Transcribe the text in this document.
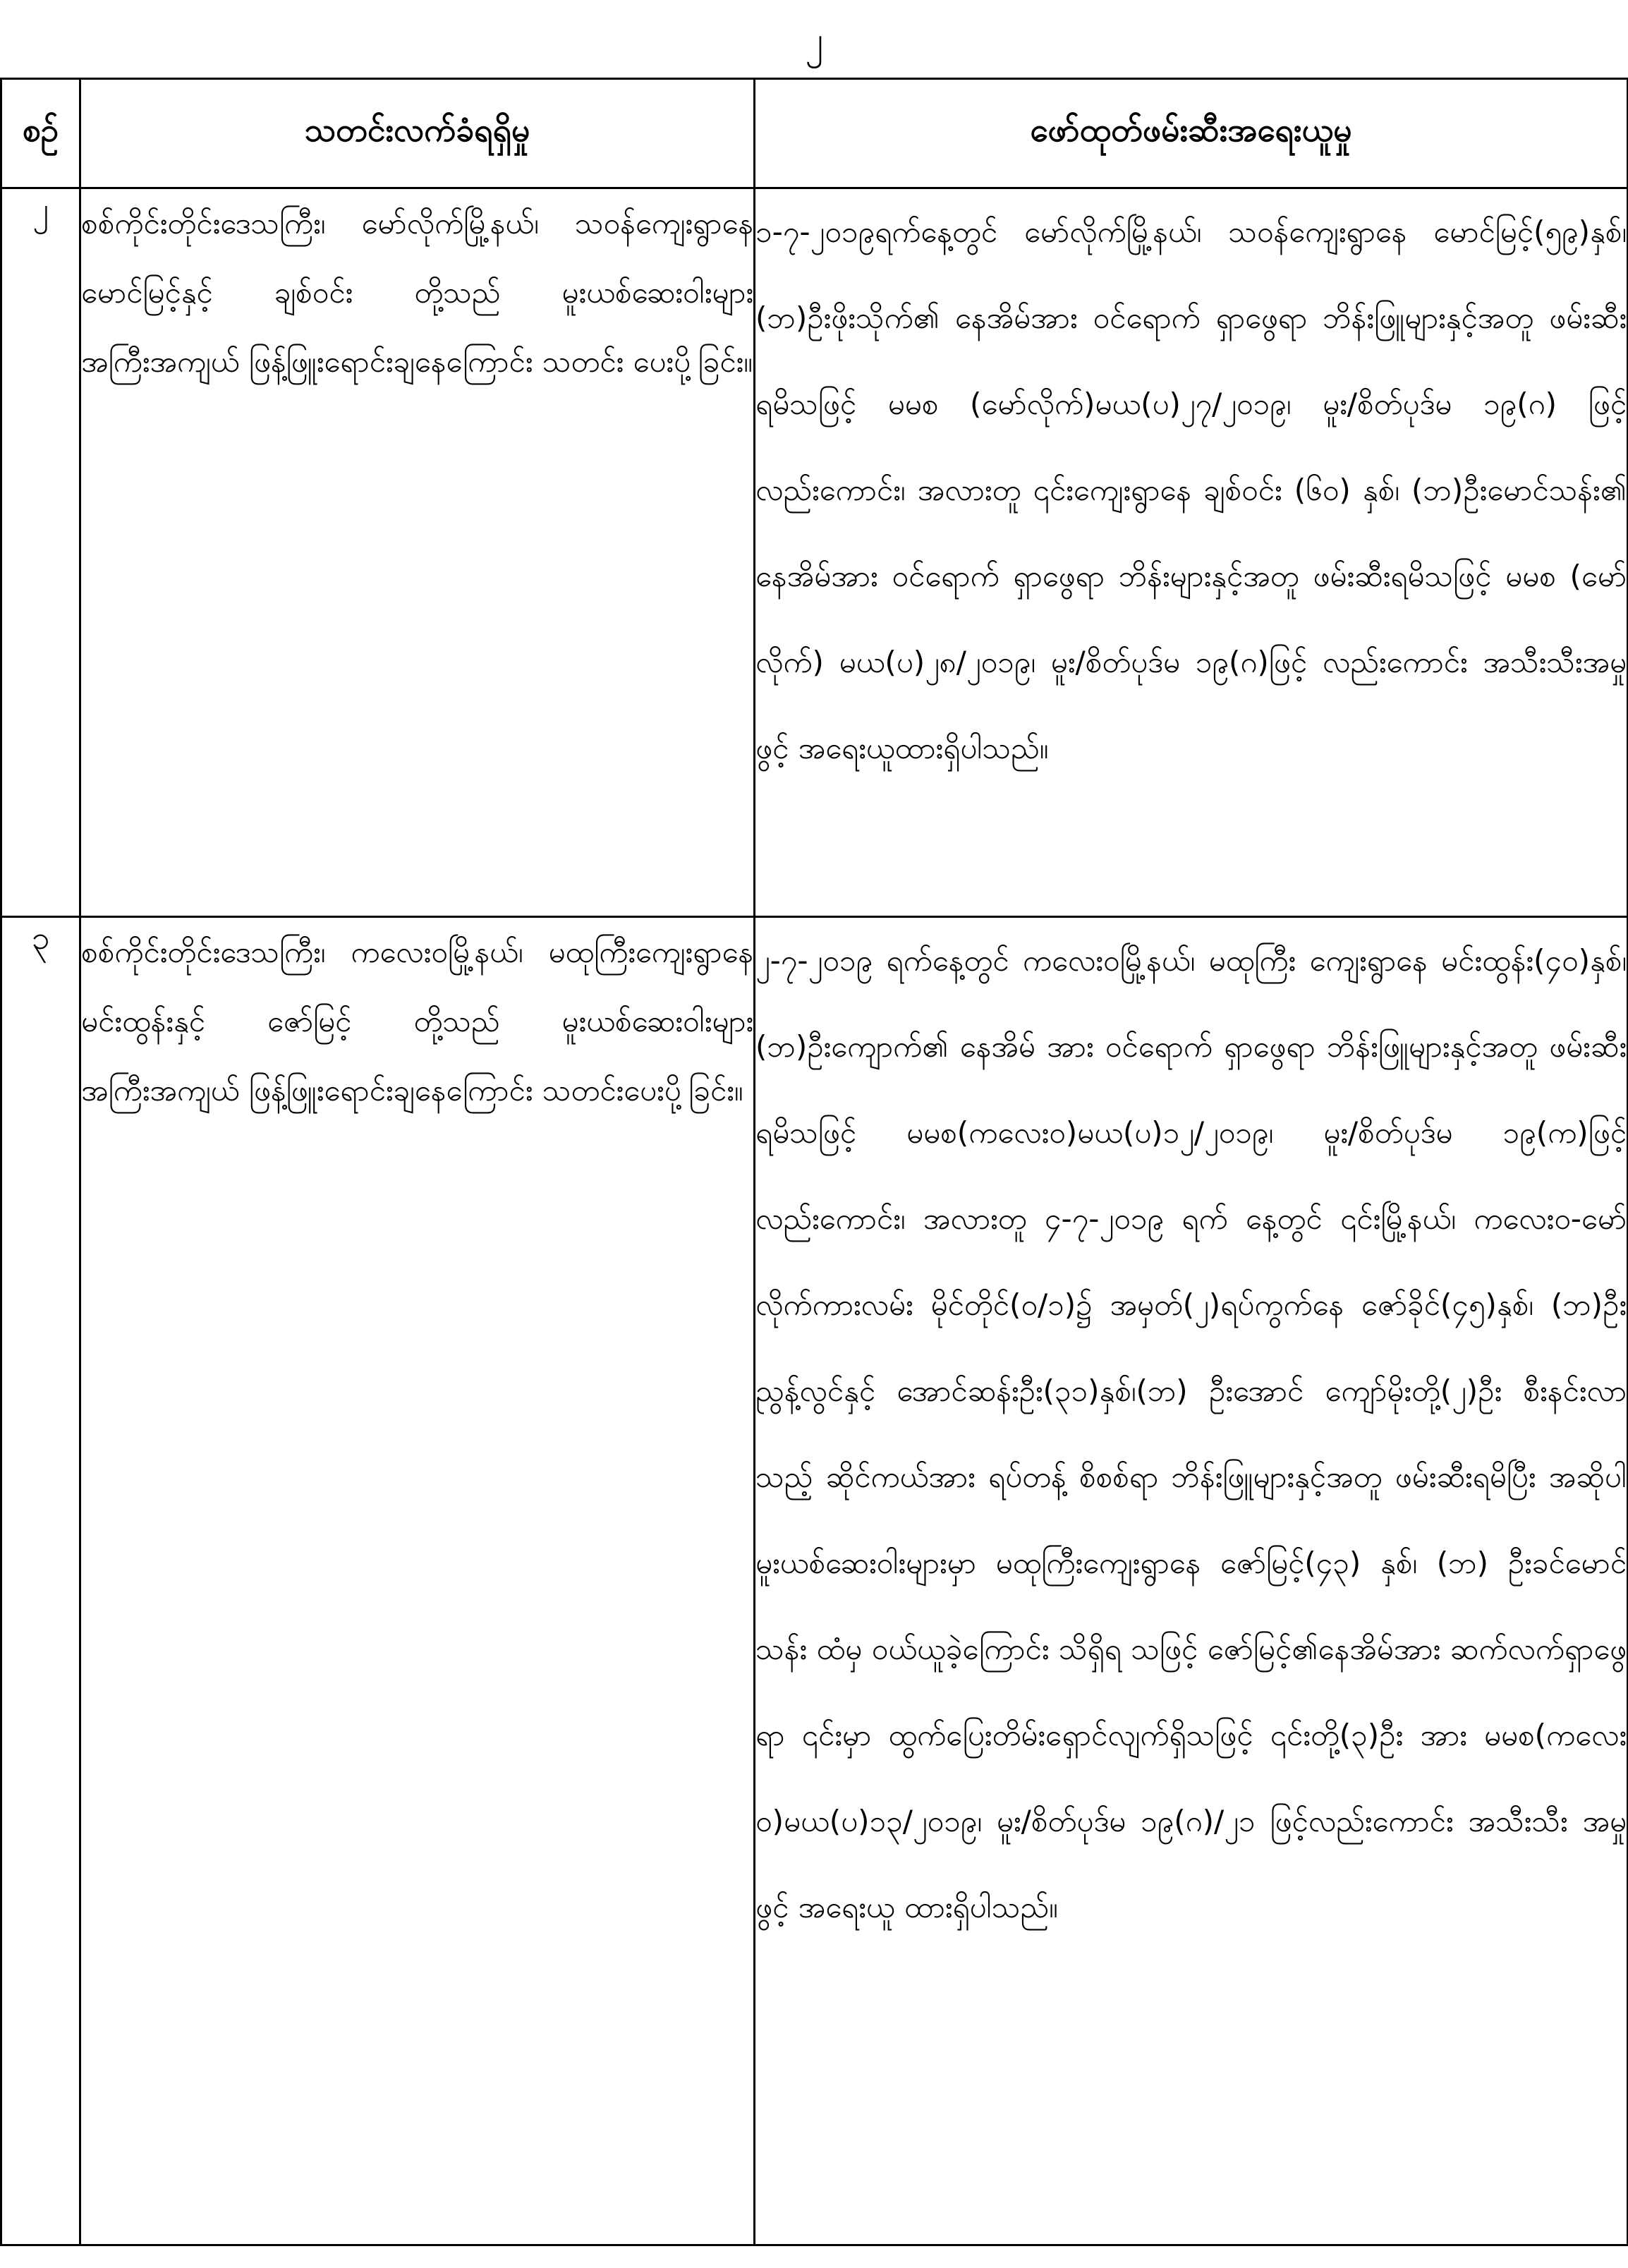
၂
စဉ်	သတင်းလက်ခံရရှိမှု	ဖော်ထုတ်ဖမ်းဆီးအရေးယူမှု
၂	စစ်ကိုင်းတိုင်းဒေသကြီး၊ မော်လိုက်မြို့နယ်၊ သဝန်ကျေးရွာနေ မောင်မြင့်နှင့် ချစ်ဝင်း တို့သည် မူးယစ်ဆေးဝါးများ အကြီးအကျယ် ဖြန့်ဖြူးရောင်းချနေကြောင်း သတင်း ပေးပို့ခြင်း။	၁-၇-၂၀၁၉ရက်နေ့တွင် မော်လိုက်မြို့နယ်၊ သဝန်ကျေးရွာနေ မောင်မြင့်(၅၉)နှစ်၊(ဘ)ဦးဖိုးသိုက်၏ နေအိမ်အား ဝင်ရောက် ရှာဖွေရာ ဘိန်းဖြူများနှင့်အတူ ဖမ်းဆီးရမိသဖြင့် မမစ (မော်လိုက်)မယ(ပ)၂၇/၂၀၁၉၊ မူး/စိတ်ပုဒ်မ ၁၉(ဂ) ဖြင့် လည်းကောင်း၊ အလားတူ ၎င်းကျေးရွာနေ ချစ်ဝင်း (၆၀) နှစ်၊ (ဘ)ဦးမောင်သန်း၏ နေအိမ်အား ဝင်ရောက် ရှာဖွေရာ ဘိန်းများနှင့်အတူ ဖမ်းဆီးရမိသဖြင့် မမစ (မော်လိုက်) မယ(ပ)၂၈/၂၀၁၉၊ မူး/စိတ်ပုဒ်မ ၁၉(ဂ)ဖြင့် လည်းကောင်း အသီးသီးအမှုဖွင့် အရေးယူထားရှိပါသည်။
၃	စစ်ကိုင်းတိုင်းဒေသကြီး၊ ကလေးဝမြို့နယ်၊ မထုကြီးကျေးရွာနေ မင်းထွန်းနှင့် ဇော်မြင့် တို့သည် မူးယစ်ဆေးဝါးများအကြီးအကျယ် ဖြန့်ဖြူးရောင်းချနေကြောင်း သတင်းပေးပို့ခြင်း။	၂-၇-၂၀၁၉ ရက်နေ့တွင် ကလေးဝမြို့နယ်၊ မထုကြီး ကျေးရွာနေ မင်းထွန်း(၄၀)နှစ်၊ (ဘ)ဦးကျောက်၏ နေအိမ် အား ဝင်ရောက် ရှာဖွေရာ ဘိန်းဖြူများနှင့်အတူ ဖမ်းဆီး ရမိသဖြင့် မမစ(ကလေးဝ)မယ(ပ)၁၂/၂၀၁၉၊ မူး/စိတ်ပုဒ်မ ၁၉(က)ဖြင့်လည်းကောင်း၊ အလားတူ ၄-၇-၂၀၁၉ ရက် နေ့တွင် ၎င်းမြို့နယ်၊ ကလေးဝ-မော်လိုက်ကားလမ်း မိုင်တိုင်(၀/၁)၌ အမှတ်(၂)ရပ်ကွက်နေ ဇော်ခိုင်(၄၅)နှစ်၊ (ဘ)ဦးညွန့်လွင်နှင့် အောင်ဆန်းဦး(၃၁)နှစ်၊(ဘ) ဦးအောင် ကျော်မိုးတို့(၂)ဦး စီးနင်းလာသည့် ဆိုင်ကယ်အား ရပ်တန့် စိစစ်ရာ ဘိန်းဖြူများနှင့်အတူ ဖမ်းဆီးရမိပြီး အဆိုပါ မူးယစ်ဆေးဝါးများမှာ မထုကြီးကျေးရွာနေ ဇော်မြင့်(၄၃) နှစ်၊ (ဘ) ဦးခင်မောင်သန်း ထံမှ ဝယ်ယူခဲ့ကြောင်း သိရှိရ သဖြင့် ဇော်မြင့်၏နေအိမ်အား ဆက်လက်ရှာဖွေရာ ၎င်းမှာ ထွက်ပြေးတိမ်းရှောင်လျက်ရှိသဖြင့် ၎င်းတို့(၃)ဦး အား မမစ(ကလေးဝ)မယ(ပ)၁၃/၂၀၁၉၊ မူး/စိတ်ပုဒ်မ ၁၉(ဂ)/၂၁ ဖြင့်လည်းကောင်း အသီးသီး အမှုဖွင့် အရေးယူ ထားရှိပါသည်။
